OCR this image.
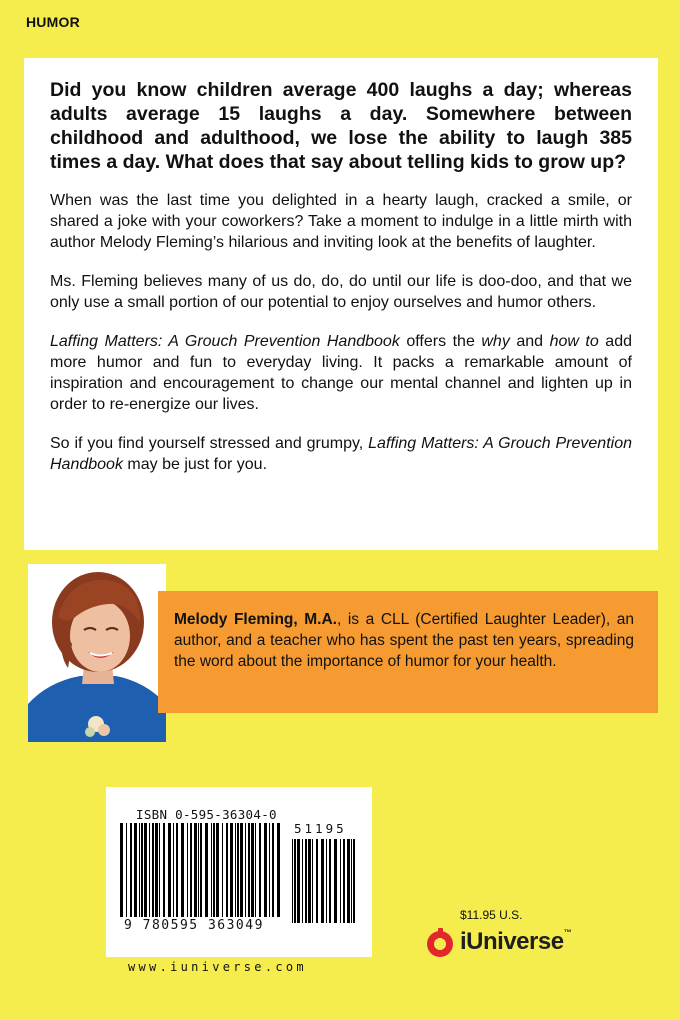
HUMOR

Did you know children average 400 laughs a day; whereas adults average 15 laughs a day. Somewhere between childhood and adulthood, we lose the ability to laugh 385 times a day. What does that say about telling kids to grow up?

When was the last time you delighted in a hearty laugh, cracked a smile, or shared a joke with your coworkers? Take a moment to indulge in a little mirth with author Melody Fleming’s hilarious and inviting look at the benefits of laughter.

Ms. Fleming believes many of us do, do, do until our life is doo-doo, and that we only use a small portion of our potential to enjoy ourselves and humor others.

Laffing Matters: A Grouch Prevention Handbook offers the why and how to add more humor and fun to everyday living. It packs a remarkable amount of inspiration and encouragement to change our mental channel and lighten up in order to re-energize our lives.

So if you find yourself stressed and grumpy, Laffing Matters: A Grouch Prevention Handbook may be just for you.

Melody Fleming, M.A., is a CLL (Certified Laughter Leader), an author, and a teacher who has spent the past ten years, spreading the word about the importance of humor for your health.
ISBN 0-595-36304-0
51195
9 780595 363049
www.iuniverse.com
$11.95 U.S.
iUniverse™
